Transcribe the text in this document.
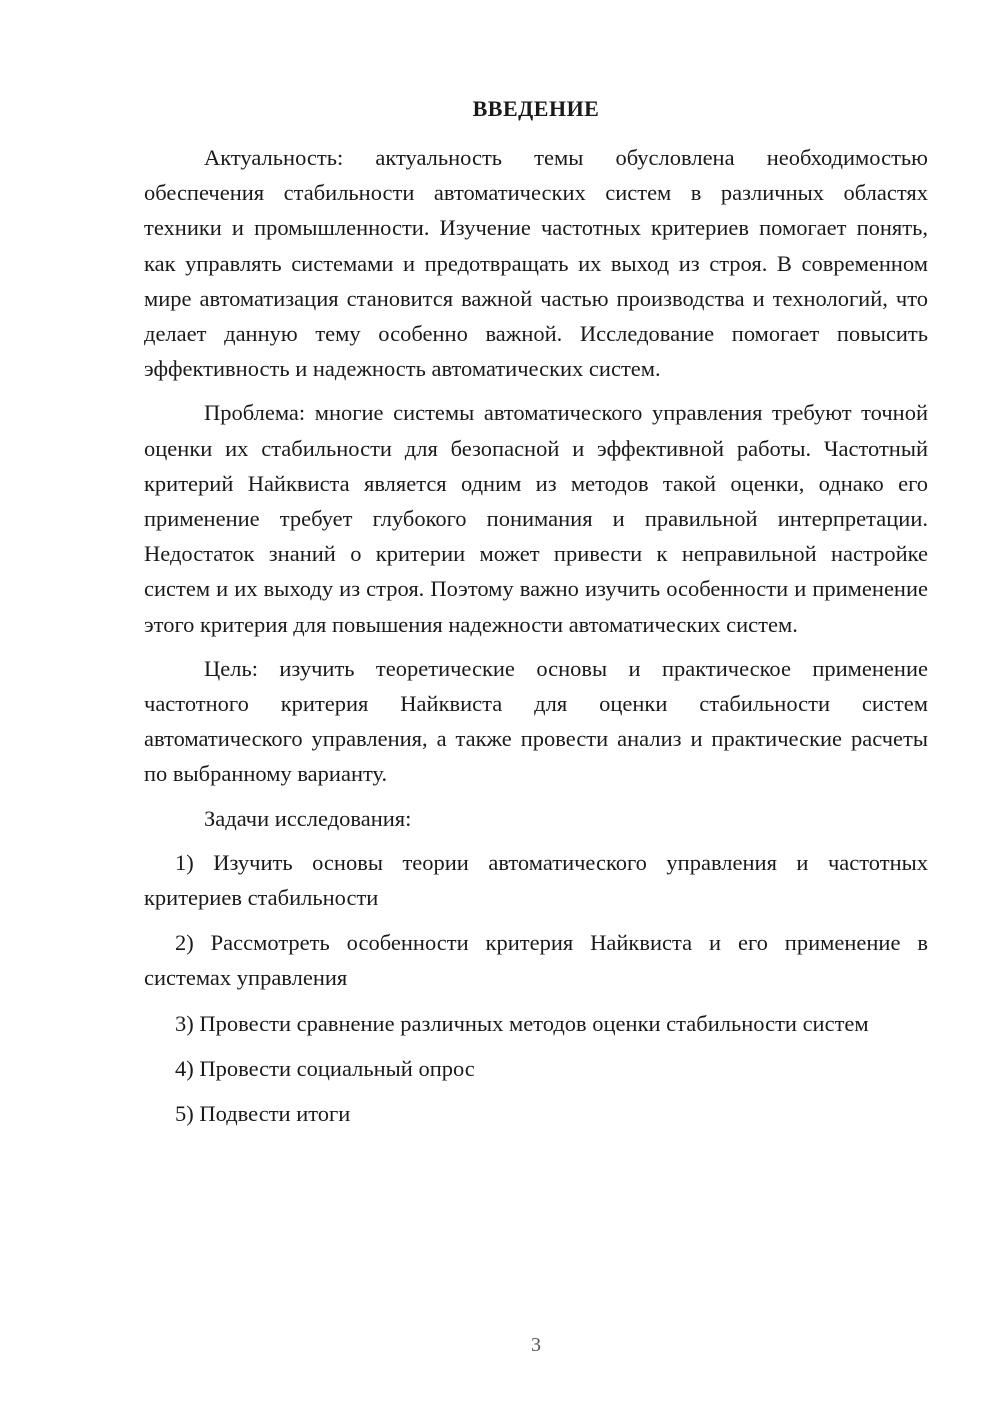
ВВЕДЕНИЕ

Актуальность: актуальность темы обусловлена необходимостью обеспечения стабильности автоматических систем в различных областях техники и промышленности. Изучение частотных критериев помогает понять, как управлять системами и предотвращать их выход из строя. В современном мире автоматизация становится важной частью производства и технологий, что делает данную тему особенно важной. Исследование помогает повысить эффективность и надежность автоматических систем.

Проблема: многие системы автоматического управления требуют точной оценки их стабильности для безопасной и эффективной работы. Частотный критерий Найквиста является одним из методов такой оценки, однако его применение требует глубокого понимания и правильной интерпретации. Недостаток знаний о критерии может привести к неправильной настройке систем и их выходу из строя. Поэтому важно изучить особенности и применение этого критерия для повышения надежности автоматических систем.

Цель: изучить теоретические основы и практическое применение частотного критерия Найквиста для оценки стабильности систем автоматического управления, а также провести анализ и практические расчеты по выбранному варианту.

Задачи исследования:

1) Изучить основы теории автоматического управления и частотных критериев стабильности

2) Рассмотреть особенности критерия Найквиста и его применение в системах управления

3) Провести сравнение различных методов оценки стабильности систем

4) Провести социальный опрос

5) Подвести итоги

3
